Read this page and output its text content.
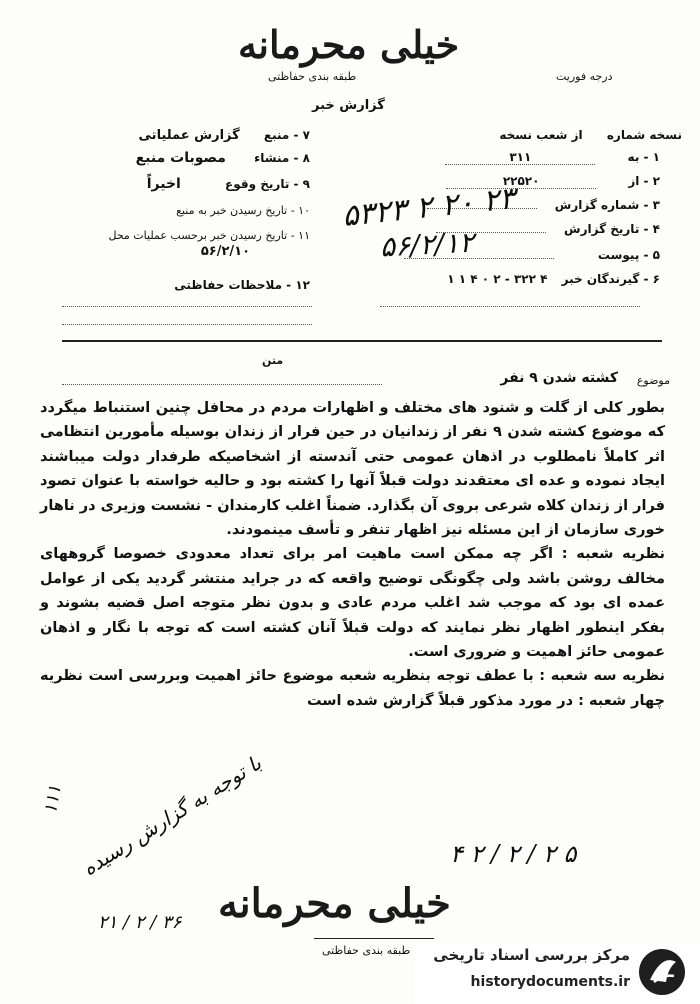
خیلی محرمانه
طبقه بندی حفاظتی	درجه فوریت
گزارش خبر
نسخه شماره از شعب نسخه
۱ - به ۳۱۱
۲ - از ۲۲۵۲۰
۳ - شماره گزارش
۴ - تاریخ گزارش
۵ - پیوست
۶ - گیرندگان خبر ۴ ۳۲۲ - ۲ ۰ ۴ ۱ ۱
۵۳۲۳ ۲ ۲۰ ۲۳
۵۶/۲/۱۲
۷ - منبع گزارش عملیاتی
۸ - منشاء مصوبات منبع
۹ - تاریخ وقوع اخیراً
۱۰ - تاریخ رسیدن خبر به منبع
۱۱ - تاریخ رسیدن خبر برحسب عملیات محل ۵۶/۲/۱۰
۱۲ - ملاحظات حفاظتی
متن
موضوع
کشته شدن ۹ نفر

بطور کلی از گلت و شنود های مختلف و اظهارات مردم در محافل چنین استنباط میگردد که موضوع کشته شدن ۹ نفر از زندانیان در حین فرار از زندان بوسیله مأمورین انتظامی اثر کاملاً نامطلوب در اذهان عمومی حتی آندسته از اشخاصیکه طرفدار دولت میباشند ایجاد نموده و عده ای معتقدند دولت قبلاً آنها را کشته بود و حالیه خواسته با عنوان تصود فرار از زندان کلاه شرعی بروی آن بگذارد. ضمناً اغلب کارمندان - نشست وزیری در ناهار خوری سازمان از این مسئله نیز اظهار تنفر و تأسف مینمودند.

نظریه شعبه : اگر چه ممکن است ماهیت امر برای تعداد معدودی خصوصا گروههای مخالف روشن باشد ولی چگونگی توضیح واقعه که در جراید منتشر گردید یکی از عوامل عمده ای بود که موجب شد اغلب مردم عادی و بدون نظر متوجه اصل قضیه بشوند و بفکر اینطور اظهار نظر نمایند که دولت قبلاً آنان کشته است که توجه با نگار و اذهان عمومی حائز اهمیت و ضروری است.

نظریه سه شعبه : با عطف توجه بنظریه شعبه موضوع حائز اهمیت وبررسی است نظریه چهار شعبه : در مورد مذکور قبلاً گزارش شده است

١١١ با توجه به گزارش رسیده
۲۱ / ۲ / ۳۶
۴ ۲ / ۲ / ۲ ۵
خیلی محرمانه
طبقه بندی حفاظتی مرکز بررسی اسناد تاریخی
historydocuments.ir
